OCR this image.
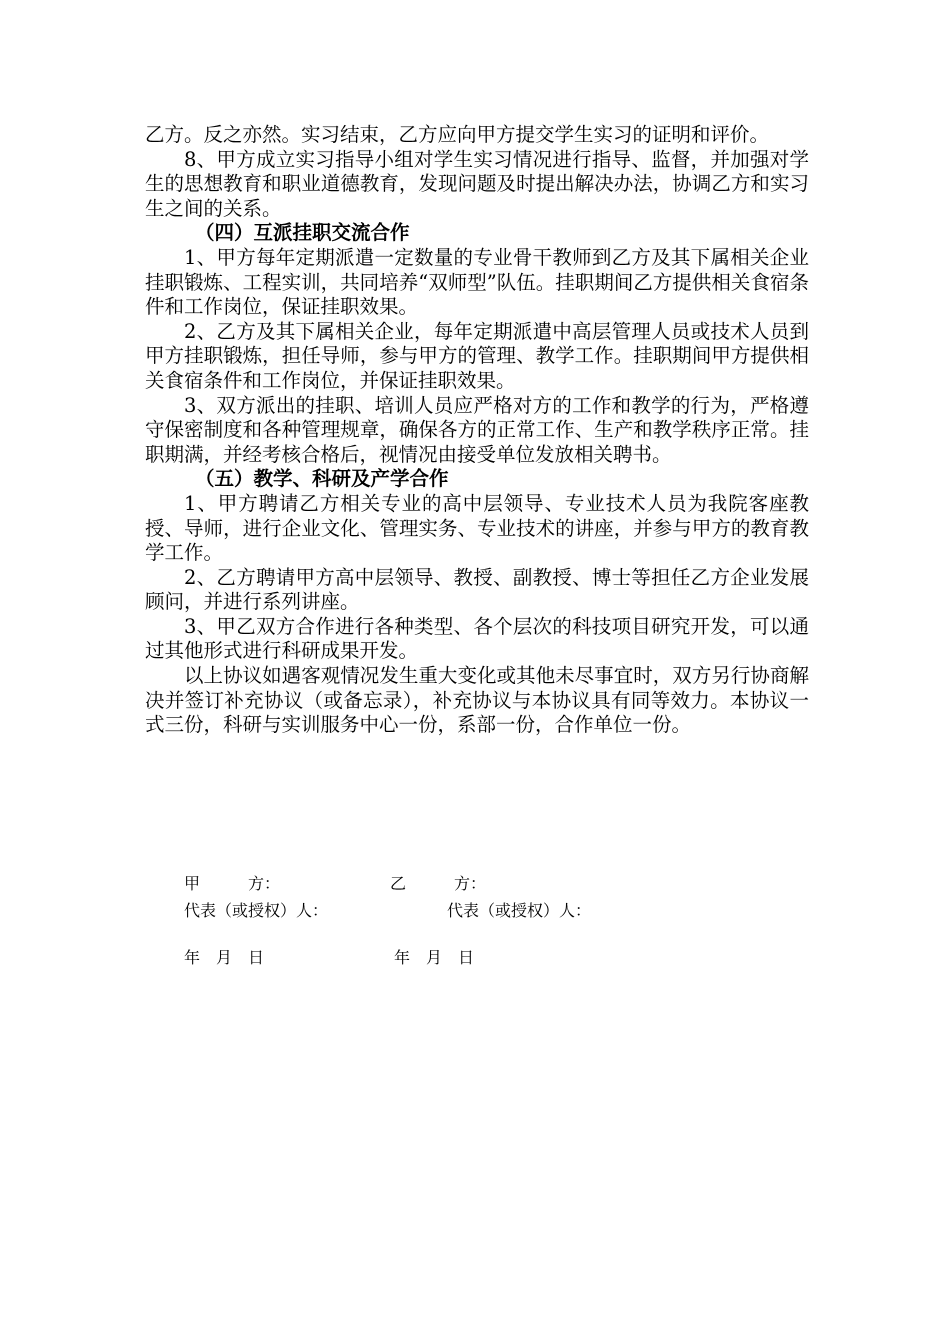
乙方。反之亦然。实习结束，乙方应向甲方提交学生实习的证明和评价。

8、甲方成立实习指导小组对学生实习情况进行指导、监督，并加强对学生的思想教育和职业道德教育，发现问题及时提出解决办法，协调乙方和实习生之间的关系。

（四）互派挂职交流合作

1、甲方每年定期派遣一定数量的专业骨干教师到乙方及其下属相关企业挂职锻炼、工程实训，共同培养“双师型”队伍。挂职期间乙方提供相关食宿条件和工作岗位，保证挂职效果。

2、乙方及其下属相关企业，每年定期派遣中高层管理人员或技术人员到甲方挂职锻炼，担任导师，参与甲方的管理、教学工作。挂职期间甲方提供相关食宿条件和工作岗位，并保证挂职效果。

3、双方派出的挂职、培训人员应严格对方的工作和教学的行为，严格遵守保密制度和各种管理规章，确保各方的正常工作、生产和教学秩序正常。挂职期满，并经考核合格后，视情况由接受单位发放相关聘书。

（五）教学、科研及产学合作

1、甲方聘请乙方相关专业的高中层领导、专业技术人员为我院客座教授、导师，进行企业文化、管理实务、专业技术的讲座，并参与甲方的教育教学工作。

2、乙方聘请甲方高中层领导、教授、副教授、博士等担任乙方企业发展顾问，并进行系列讲座。

3、甲乙双方合作进行各种类型、各个层次的科技项目研究开发，可以通过其他形式进行科研成果开发。

以上协议如遇客观情况发生重大变化或其他未尽事宜时，双方另行协商解决并签订补充协议（或备忘录），补充协议与本协议具有同等效力。本协议一式三份，科研与实训服务中心一份，系部一份，合作单位一份。

甲　　　方：	乙　　　方：
代表（或授权）人：	代表（或授权）人：
年　月　日	年　月　日
